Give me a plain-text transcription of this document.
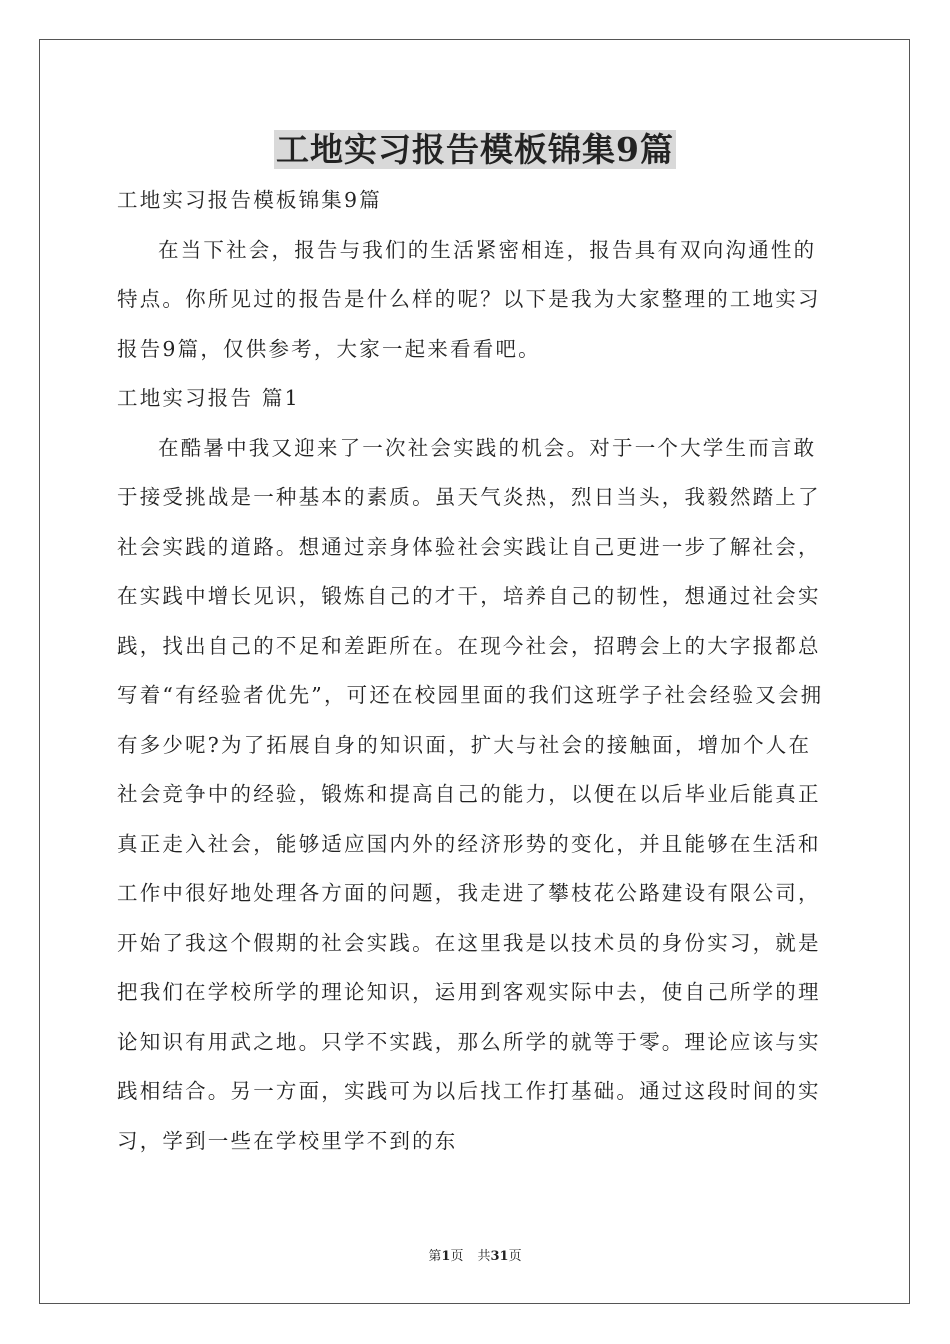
工地实习报告模板锦集9篇

工地实习报告模板锦集9篇

在当下社会，报告与我们的生活紧密相连，报告具有双向沟通性的特点。你所见过的报告是什么样的呢？以下是我为大家整理的工地实习报告9篇，仅供参考，大家一起来看看吧。

工地实习报告 篇1

在酷暑中我又迎来了一次社会实践的机会。对于一个大学生而言敢于接受挑战是一种基本的素质。虽天气炎热，烈日当头，我毅然踏上了社会实践的道路。想通过亲身体验社会实践让自己更进一步了解社会，在实践中增长见识，锻炼自己的才干，培养自己的韧性，想通过社会实践，找出自己的不足和差距所在。在现今社会，招聘会上的大字报都总写着“有经验者优先”，可还在校园里面的我们这班学子社会经验又会拥有多少呢?为了拓展自身的知识面，扩大与社会的接触面，增加个人在社会竞争中的经验，锻炼和提高自己的能力，以便在以后毕业后能真正真正走入社会，能够适应国内外的经济形势的变化，并且能够在生活和工作中很好地处理各方面的问题，我走进了攀枝花公路建设有限公司，开始了我这个假期的社会实践。在这里我是以技术员的身份实习，就是把我们在学校所学的理论知识，运用到客观实际中去，使自己所学的理论知识有用武之地。只学不实践，那么所学的就等于零。理论应该与实践相结合。另一方面，实践可为以后找工作打基础。通过这段时间的实习，学到一些在学校里学不到的东

第1页 共31页
